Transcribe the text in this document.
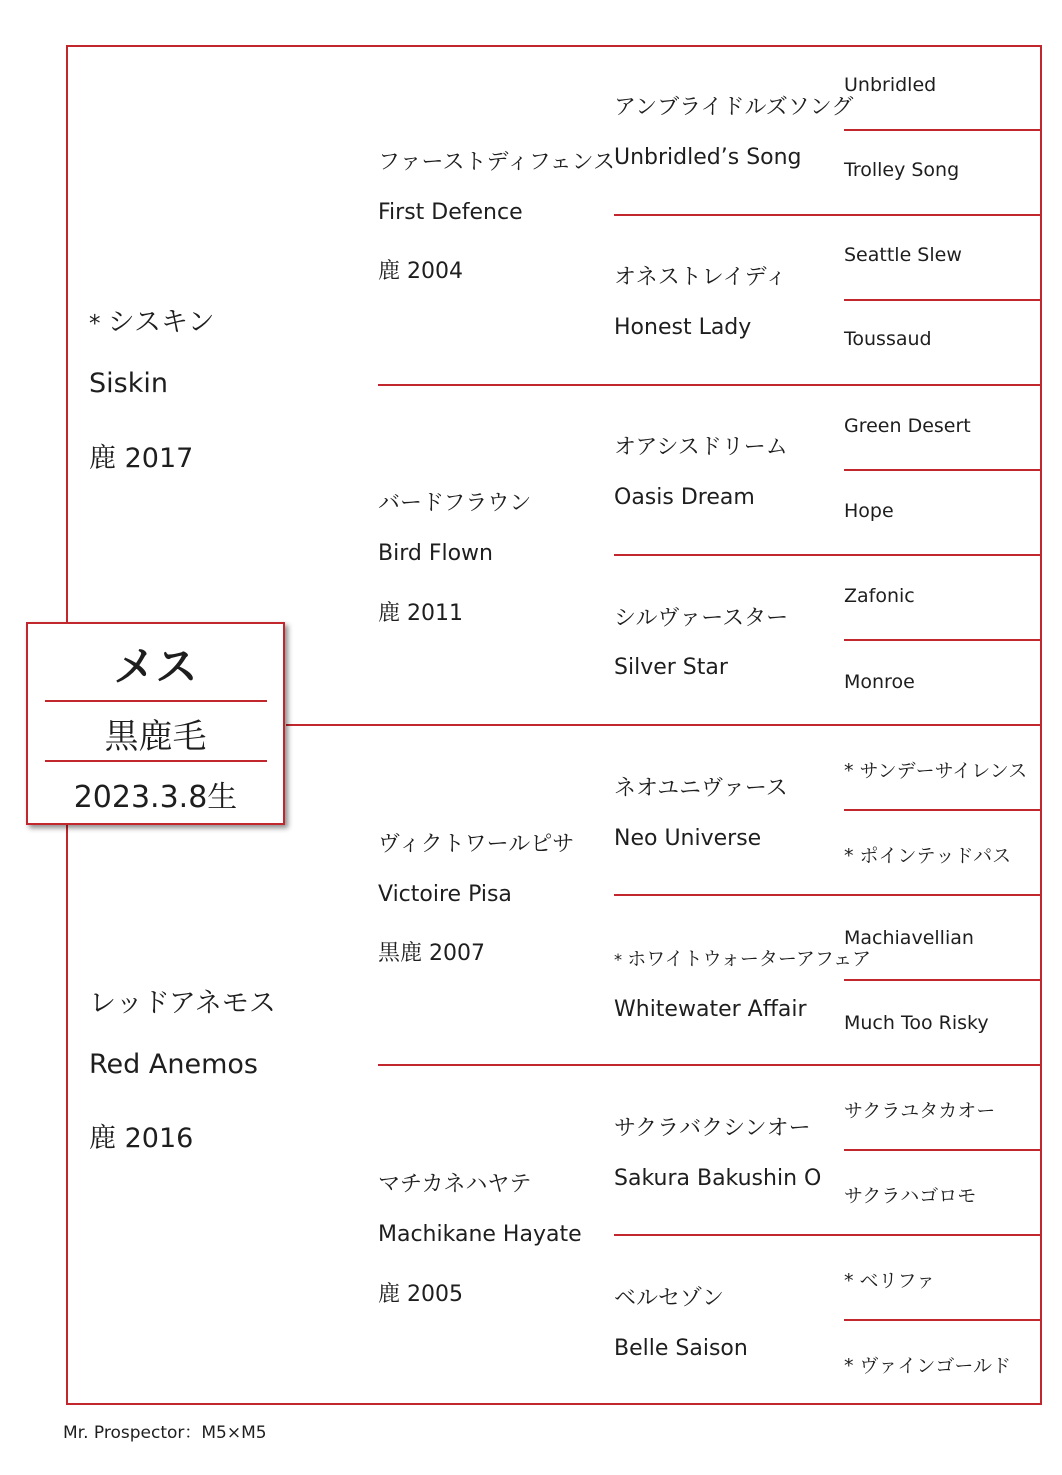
* シスキン
Siskin
鹿 2017
レッドアネモス
Red Anemos
鹿 2016
ファーストディフェンス
First Defence
鹿 2004
バードフラウン
Bird Flown
鹿 2011
ヴィクトワールピサ
Victoire Pisa
黒鹿 2007
マチカネハヤテ
Machikane Hayate
鹿 2005
アンブライドルズソング
Unbridled’s Song
オネストレイディ
Honest Lady
オアシスドリーム
Oasis Dream
シルヴァースター
Silver Star
ネオユニヴァース
Neo Universe
* ホワイトウォーターアフェア
Whitewater Affair
サクラバクシンオー
Sakura Bakushin O
ベルセゾン
Belle Saison
Unbridled
Trolley Song
Seattle Slew
Toussaud
Green Desert
Hope
Zafonic
Monroe
* サンデーサイレンス
* ポインテッドパス
Machiavellian
Much Too Risky
サクラユタカオー
サクラハゴロモ
* ベリファ
* ヴァインゴールド
メス
黒鹿毛
2023.3.8生
Mr. Prospector：M5×M5
